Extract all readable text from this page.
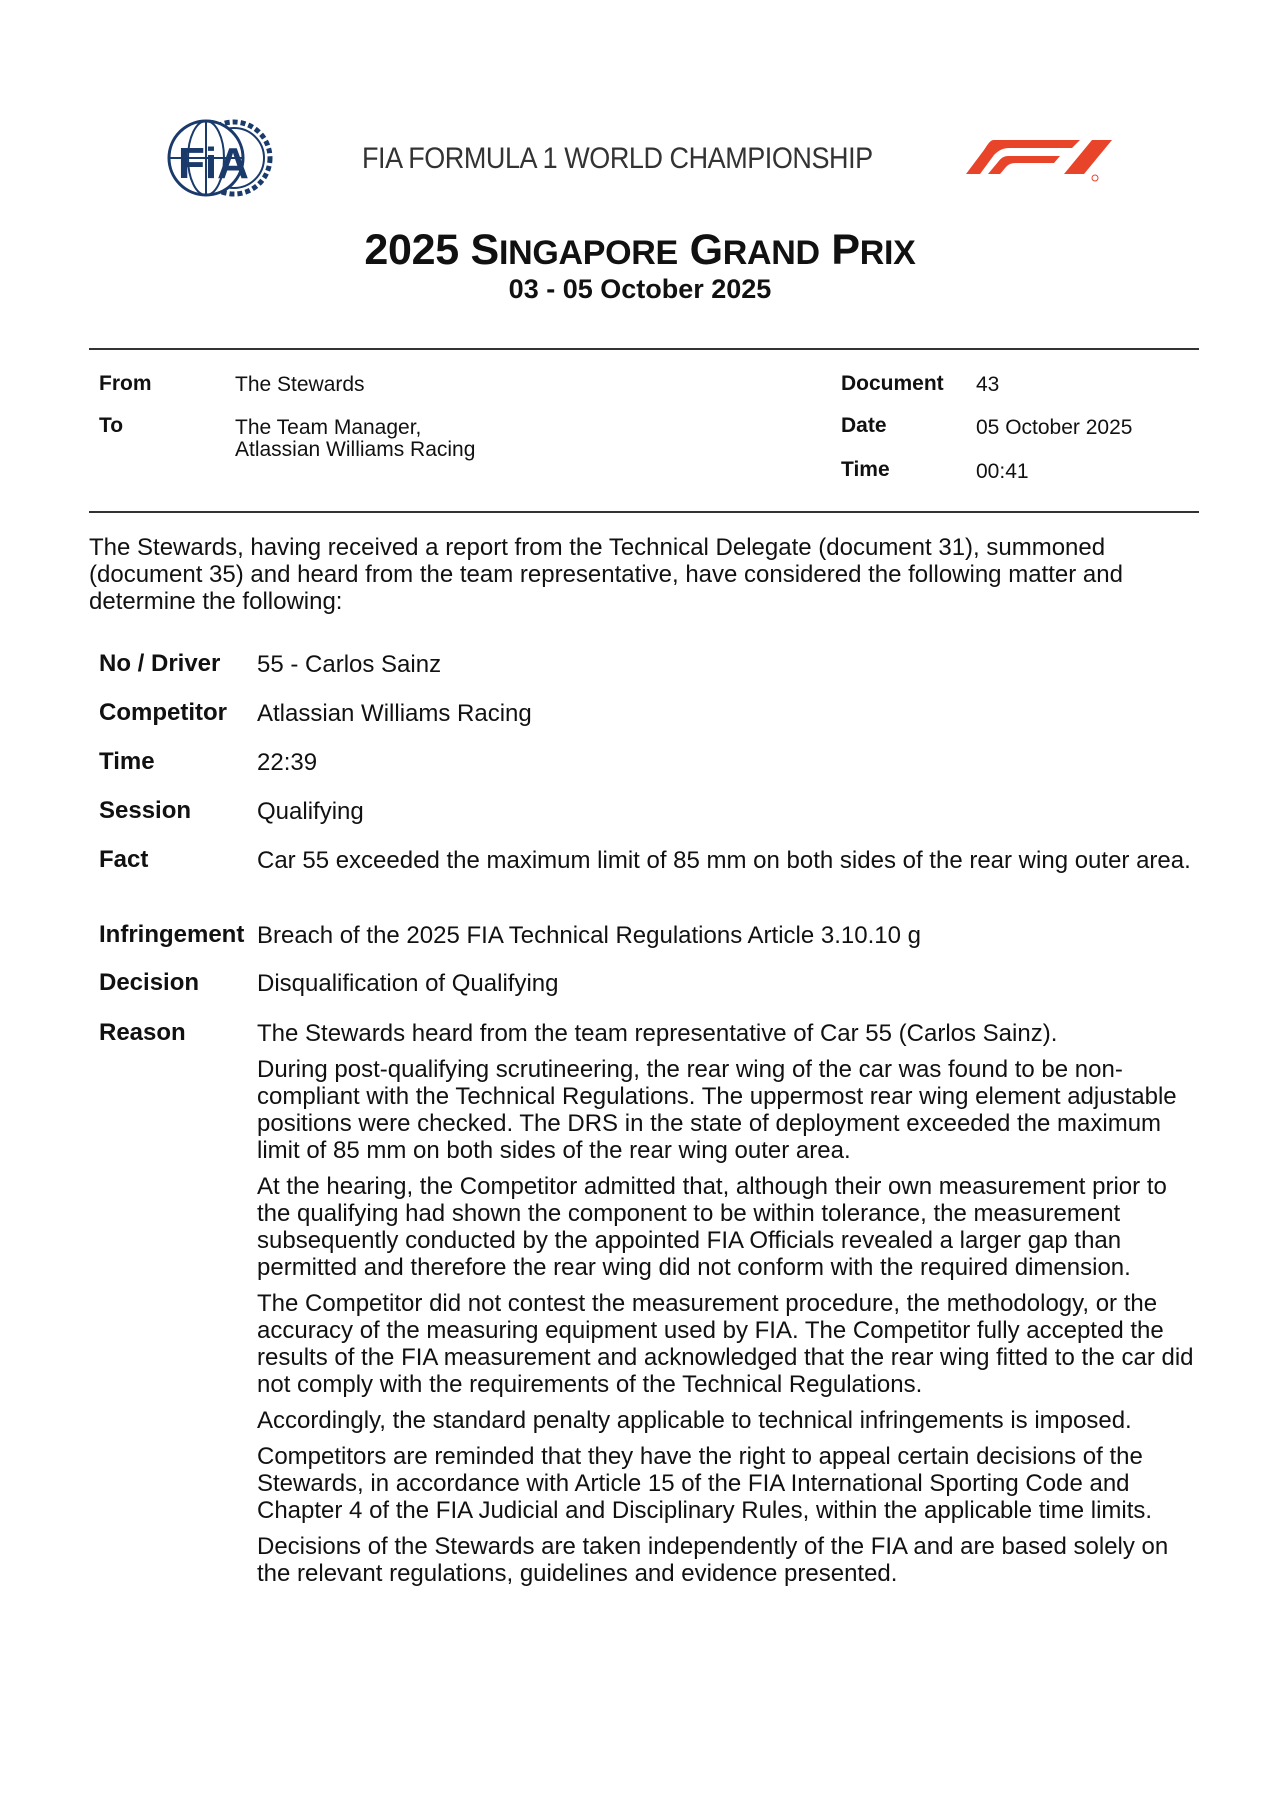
FiA	FIA FORMULA 1 WORLD CHAMPIONSHIP
2025 SINGAPORE GRAND PRIX
03 - 05 October 2025
From	The Stewards
To	The Team Manager,
Atlassian Williams Racing
Document 43
Date	05 October 2025
Time	00:41
The Stewards, having received a report from the Technical Delegate (document 31), summoned (document 35) and heard from the team representative, have considered the following matter and determine the following:
No / Driver 55 - Carlos Sainz
Competitor Atlassian Williams Racing
Time	22:39
Session	Qualifying
Fact	Car 55 exceeded the maximum limit of 85 mm on both sides of the rear wing outer area.
Infringement Breach of the 2025 FIA Technical Regulations Article 3.10.10 g
Decision Disqualification of Qualifying
Reason	The Stewards heard from the team representative of Car 55 (Carlos Sainz).

During post-qualifying scrutineering, the rear wing of the car was found to be non-compliant with the Technical Regulations. The uppermost rear wing element adjustable positions were checked. The DRS in the state of deployment exceeded the maximum limit of 85 mm on both sides of the rear wing outer area.

At the hearing, the Competitor admitted that, although their own measurement prior to the qualifying had shown the component to be within tolerance, the measurement subsequently conducted by the appointed FIA Officials revealed a larger gap than permitted and therefore the rear wing did not conform with the required dimension.

The Competitor did not contest the measurement procedure, the methodology, or the accuracy of the measuring equipment used by FIA. The Competitor fully accepted the results of the FIA measurement and acknowledged that the rear wing fitted to the car did not comply with the requirements of the Technical Regulations.

Accordingly, the standard penalty applicable to technical infringements is imposed.

Competitors are reminded that they have the right to appeal certain decisions of the Stewards, in accordance with Article 15 of the FIA International Sporting Code and Chapter 4 of the FIA Judicial and Disciplinary Rules, within the applicable time limits.

Decisions of the Stewards are taken independently of the FIA and are based solely on the relevant regulations, guidelines and evidence presented.
